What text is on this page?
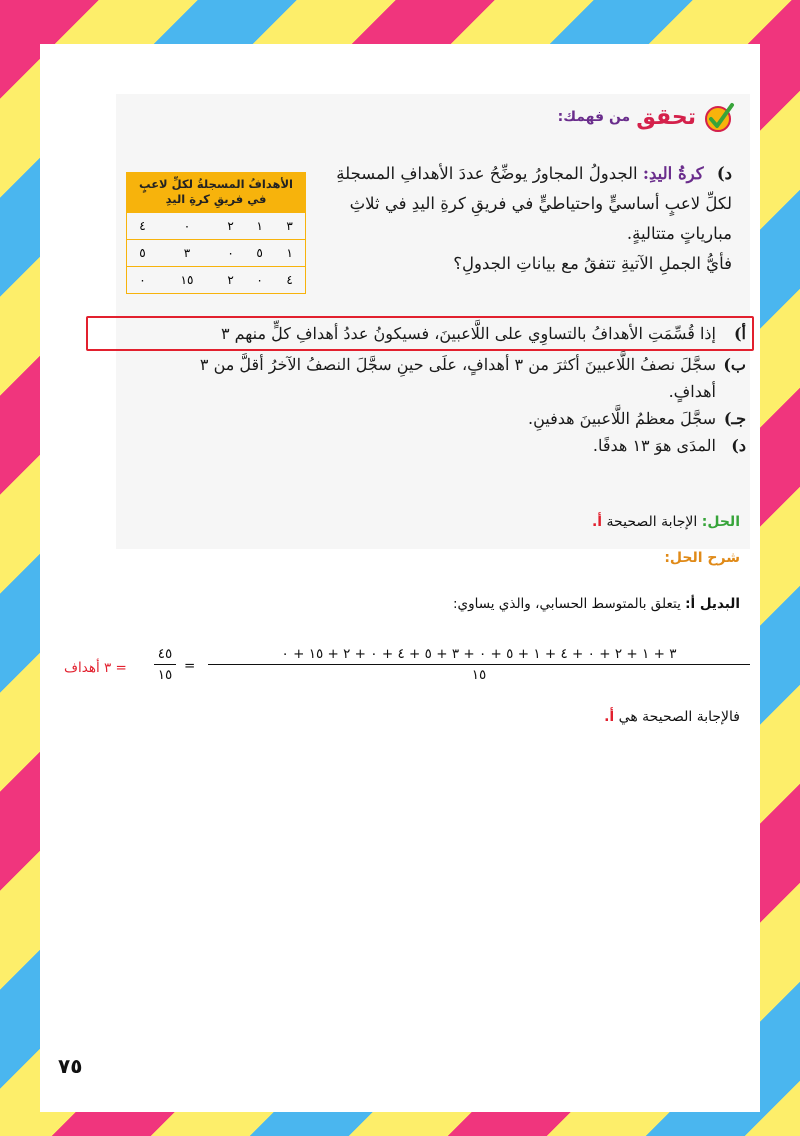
تحقق
من فهمك:
د) كرةُ اليدِ: الجدولُ المجاورُ يوضِّحُ عددَ الأهدافِ المسجلةِ لكلِّ لاعبٍ أساسيٍّ واحتياطيٍّ في فريقِ كرةِ اليدِ في ثلاثِ مبارياتٍ متتاليةٍ.
فأيُّ الجملِ الآتيةِ تتفقُ مع بياناتِ الجدولِ؟
الأهدافُ المسجلةُ لكلِّ لاعبٍ في فريقِ كرةِ اليدِ				
٣	١	٢	٠	٤
١	٥	٠	٣	٥
٤	٠	٢	١٥	٠
أ)
إذا قُسِّمَتِ الأهدافُ بالتساوِي على اللَّاعبينَ، فسيكونُ عددُ أهدافِ كلٍّ منهم ٣
ب)
سجَّلَ نصفُ اللَّاعبينَ أكثرَ من ٣ أهدافٍ، علَى حينِ سجَّلَ النصفُ الآخرُ أقلَّ من ٣ أهدافٍ.
جـ)
سجَّلَ معظمُ اللَّاعبينَ هدفينِ.
د)
المدَى هوَ ١٣ هدفًا.
الحل: الإجابة الصحيحة أ.
شرح الحل:
البديل أ: يتعلق بالمتوسط الحسابي، والذي يساوي:
= ٣ أهداف
٤٥
١٥
=
٣ + ١ + ٢ + ٠ + ٤ + ١ + ٥ + ٠ + ٣ + ٥ + ٤ + ٠ + ٢ + ١٥ + ٠
١٥
فالإجابة الصحيحة هي أ.
٧٥
